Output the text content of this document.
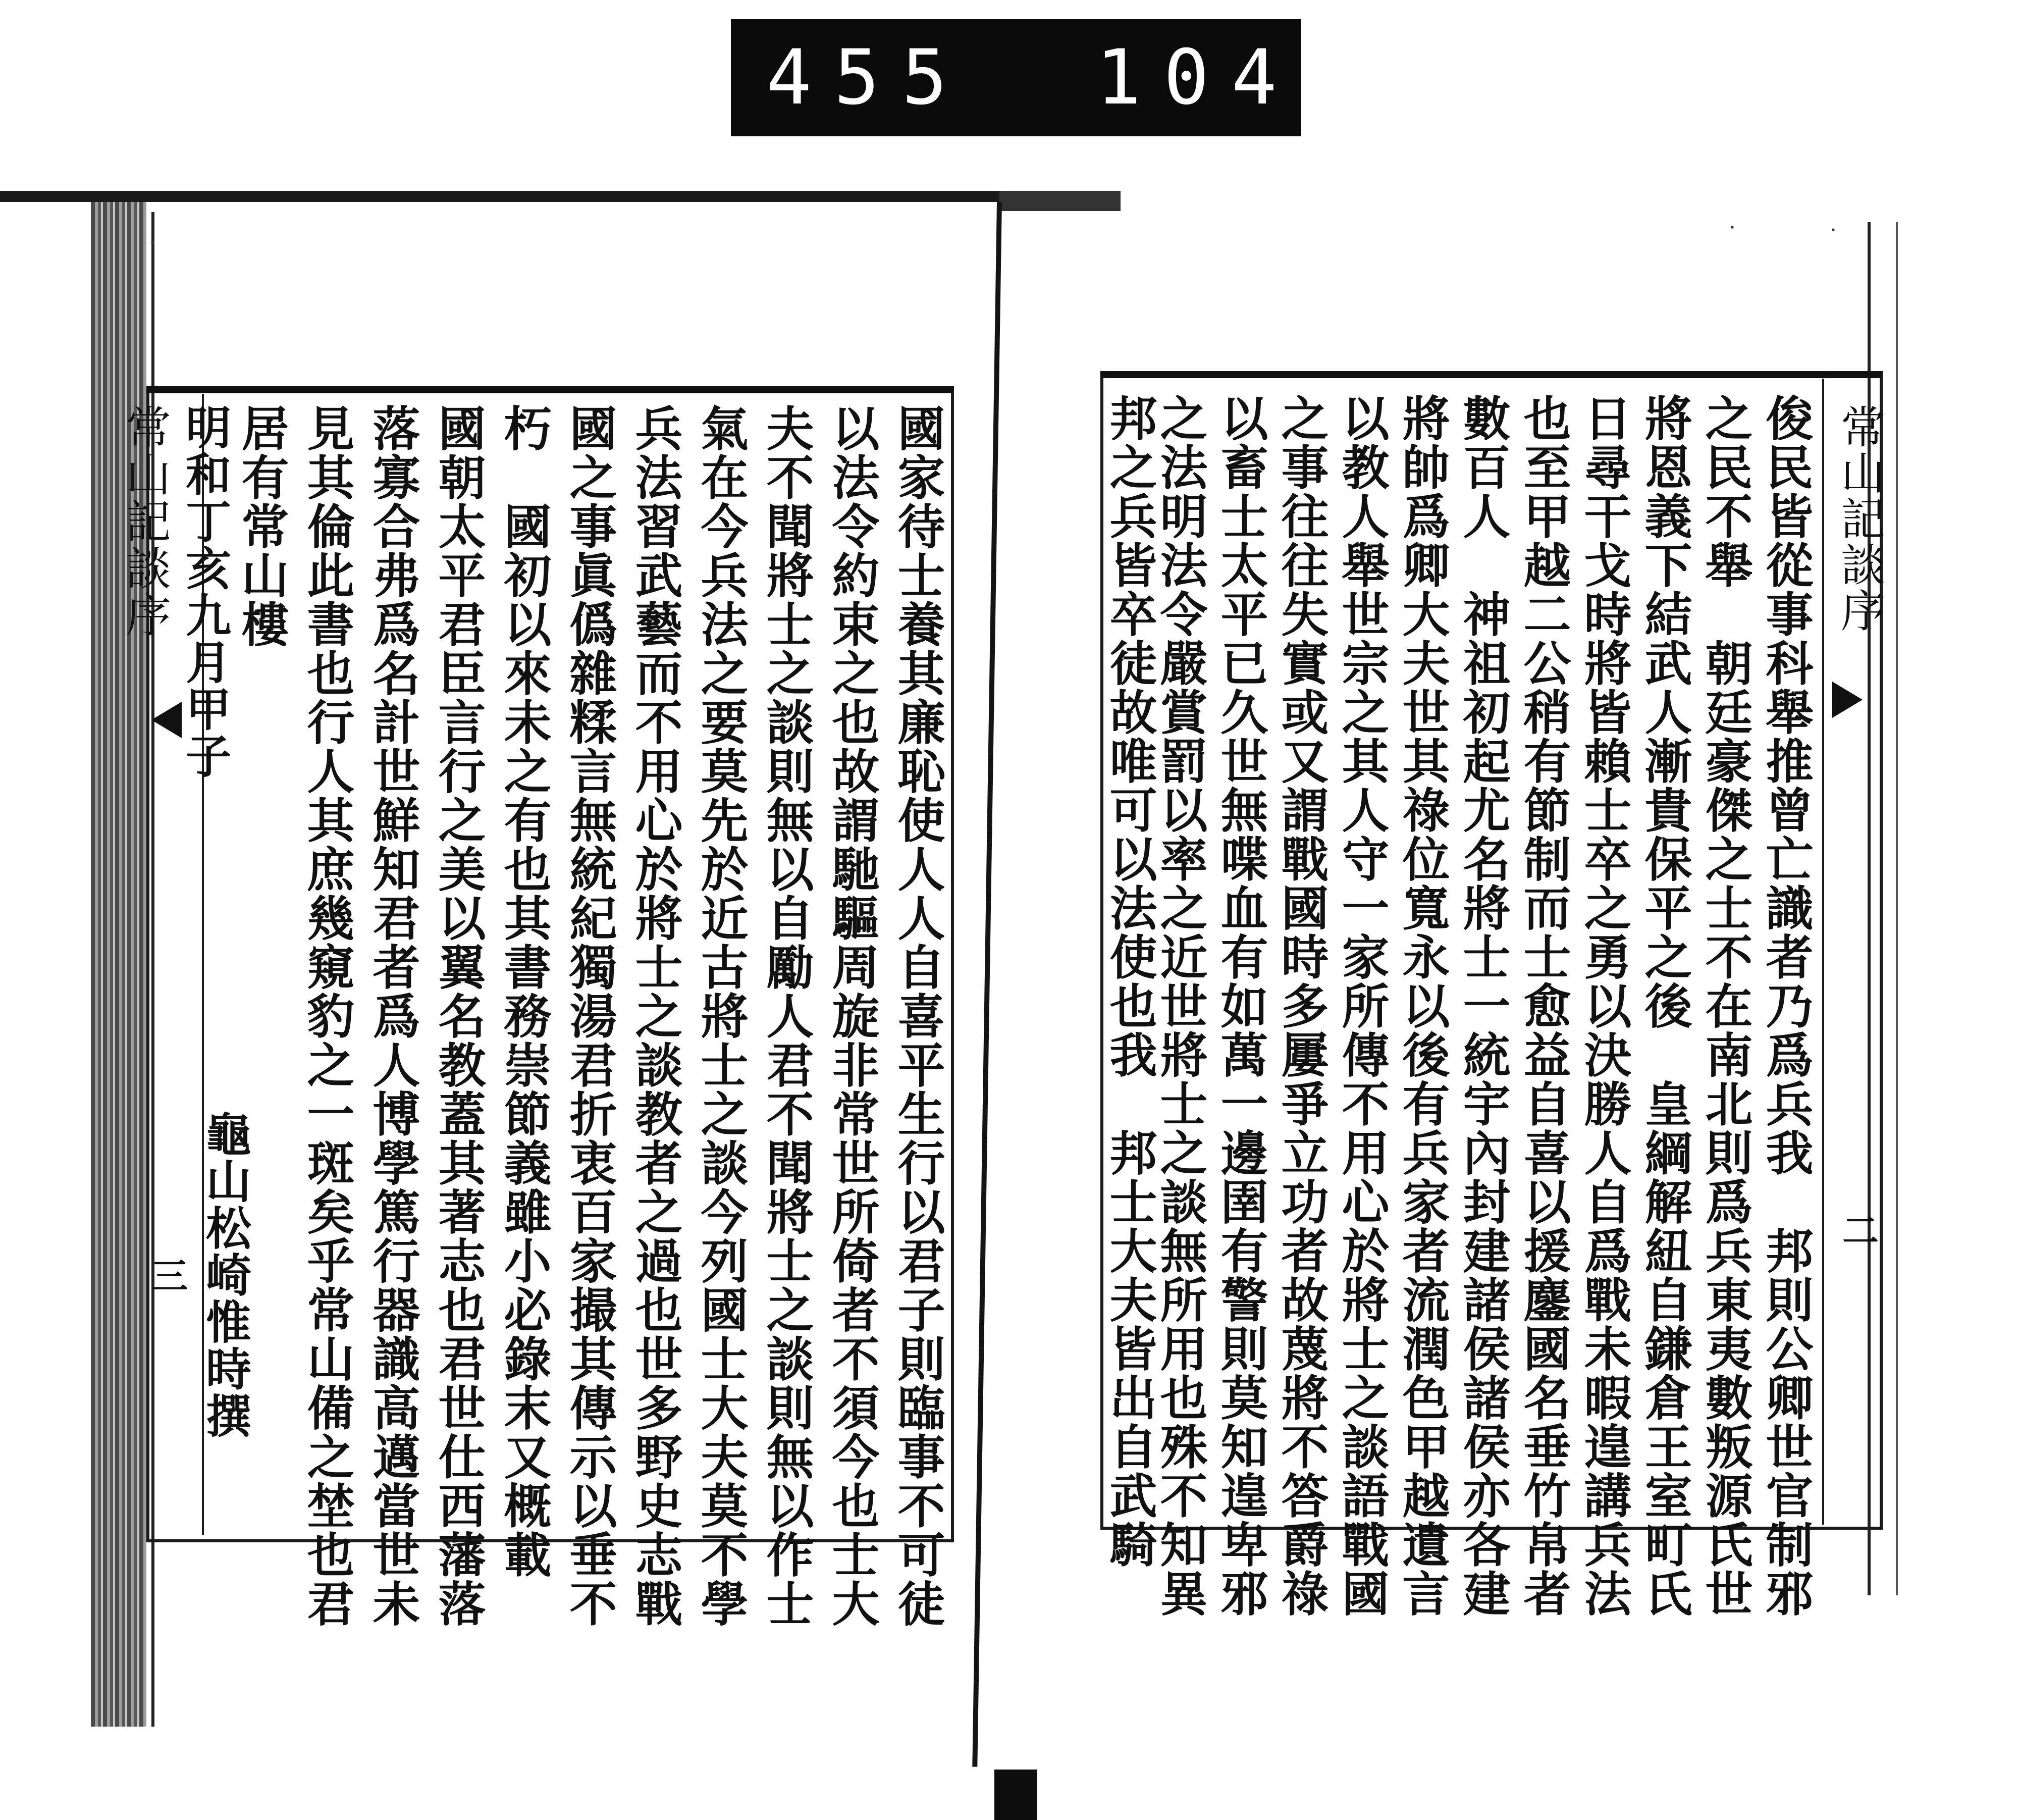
455 104
˙
˙	˙
常山記談序
三	國家待士養其廉恥使人人自喜平生行以君子則臨事不可徒
以法令約束之也故謂馳驅周旋非常世所倚者不須今也士大
夫不聞將士之談則無以自勵人君不聞將士之談則無以作士
氣在今兵法之要莫先於近古將士之談今列國士大夫莫不學
兵法習武藝而不用心於將士之談教者之過也世多野史志戰
國之事眞僞雜糅言無統紀獨湯君折衷百家撮其傳示以垂不
朽　國初以來未之有也其書務崇節義雖小必錄末又概載
國朝太平君臣言行之美以翼名教蓋其著志也君世仕西藩落
落寡合弗爲名計世鮮知君者爲人博學篤行器識高邁當世未
見其倫此書也行人其庶幾窺豹之一斑矣乎常山備之埜也君
居有常山樓
明和丁亥九月甲子
龜山松崎惟時撰
常山記談序
二
俊民皆從事科舉推曾亡識者乃爲兵我　邦則公卿世官制邪
之民不舉　朝廷豪傑之士不在南北則爲兵東夷數叛源氏世
將恩義下結武人漸貴保平之後　皇綱解紐自鎌倉王室町氏
日尋干戈時將皆賴士卒之勇以決勝人自爲戰未暇遑講兵法
也至甲越二公稍有節制而士愈益自喜以援鏖國名垂竹帛者
數百人　神祖初起尤名將士一統宇內封建諸侯諸侯亦各建
將帥爲卿大夫世其祿位寬永以後有兵家者流潤色甲越遺言
以教人舉世宗之其人守一家所傳不用心於將士之談語戰國
之事往往失實或又謂戰國時多屢爭立功者故蔑將不答爵祿
以畜士太平已久世無喋血有如萬一邊圉有警則莫知遑卑邪
之法明法令嚴賞罰以率之近世將士之談無所用也殊不知異
邦之兵皆卒徒故唯可以法使也我　邦士大夫皆出自武騎
